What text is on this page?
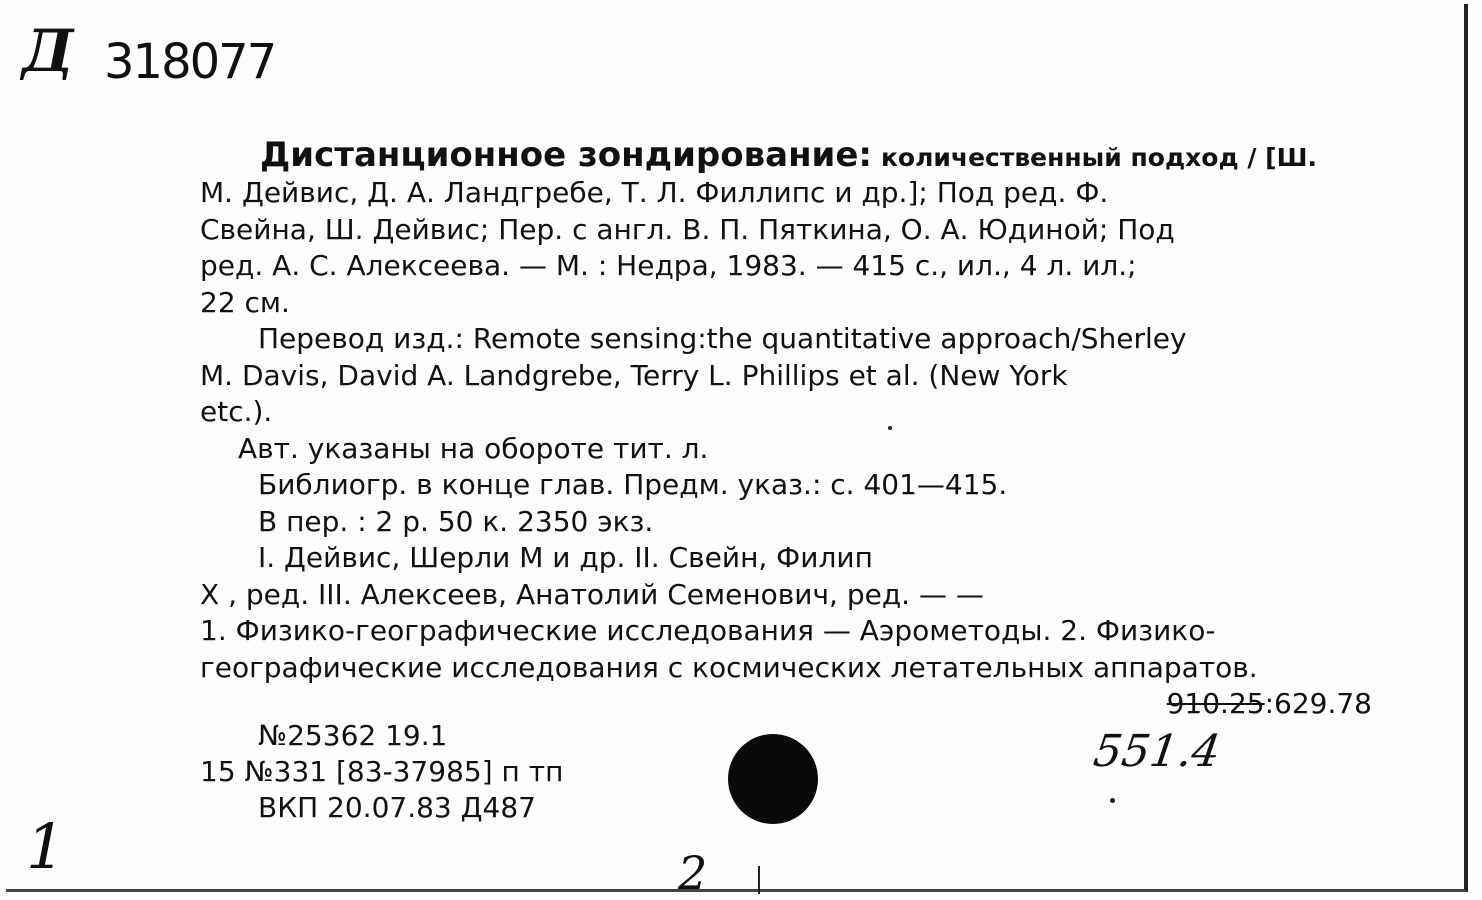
Д 318077
Дистанционное зондирование: количественный подход / [Ш.
М. Дейвис, Д. А. Ландгребе, Т. Л. Филлипс и др.]; Под ред. Ф.
Свейна, Ш. Дейвис; Пер. с англ. В. П. Пяткина, О. А. Юдиной; Под
ред. А. С. Алексеева. — М. : Недра, 1983. — 415 с., ил., 4 л. ил.;
22 см.
Перевод изд.: Remote sensing:the quantitative approach/Sherley
M. Davis, David A. Landgrebe, Terry L. Phillips et al. (New York
etc.).
Авт. указаны на обороте тит. л.
Библиогр. в конце глав. Предм. указ.: с. 401—415.
В пер. : 2 р. 50 к. 2350 экз.
I. Дейвис, Шерли М и др. II. Свейн, Филип
Х , ред. III. Алексеев, Анатолий Семенович, ред. — —
1. Физико-географические исследования — Аэрометоды. 2. Физико-
географические исследования с космических летательных аппаратов.
910.25:629.78
№25362 19.1
15 №331 [83-37985] п тп
ВКП 20.07.83 Д487
551.4
1	2
